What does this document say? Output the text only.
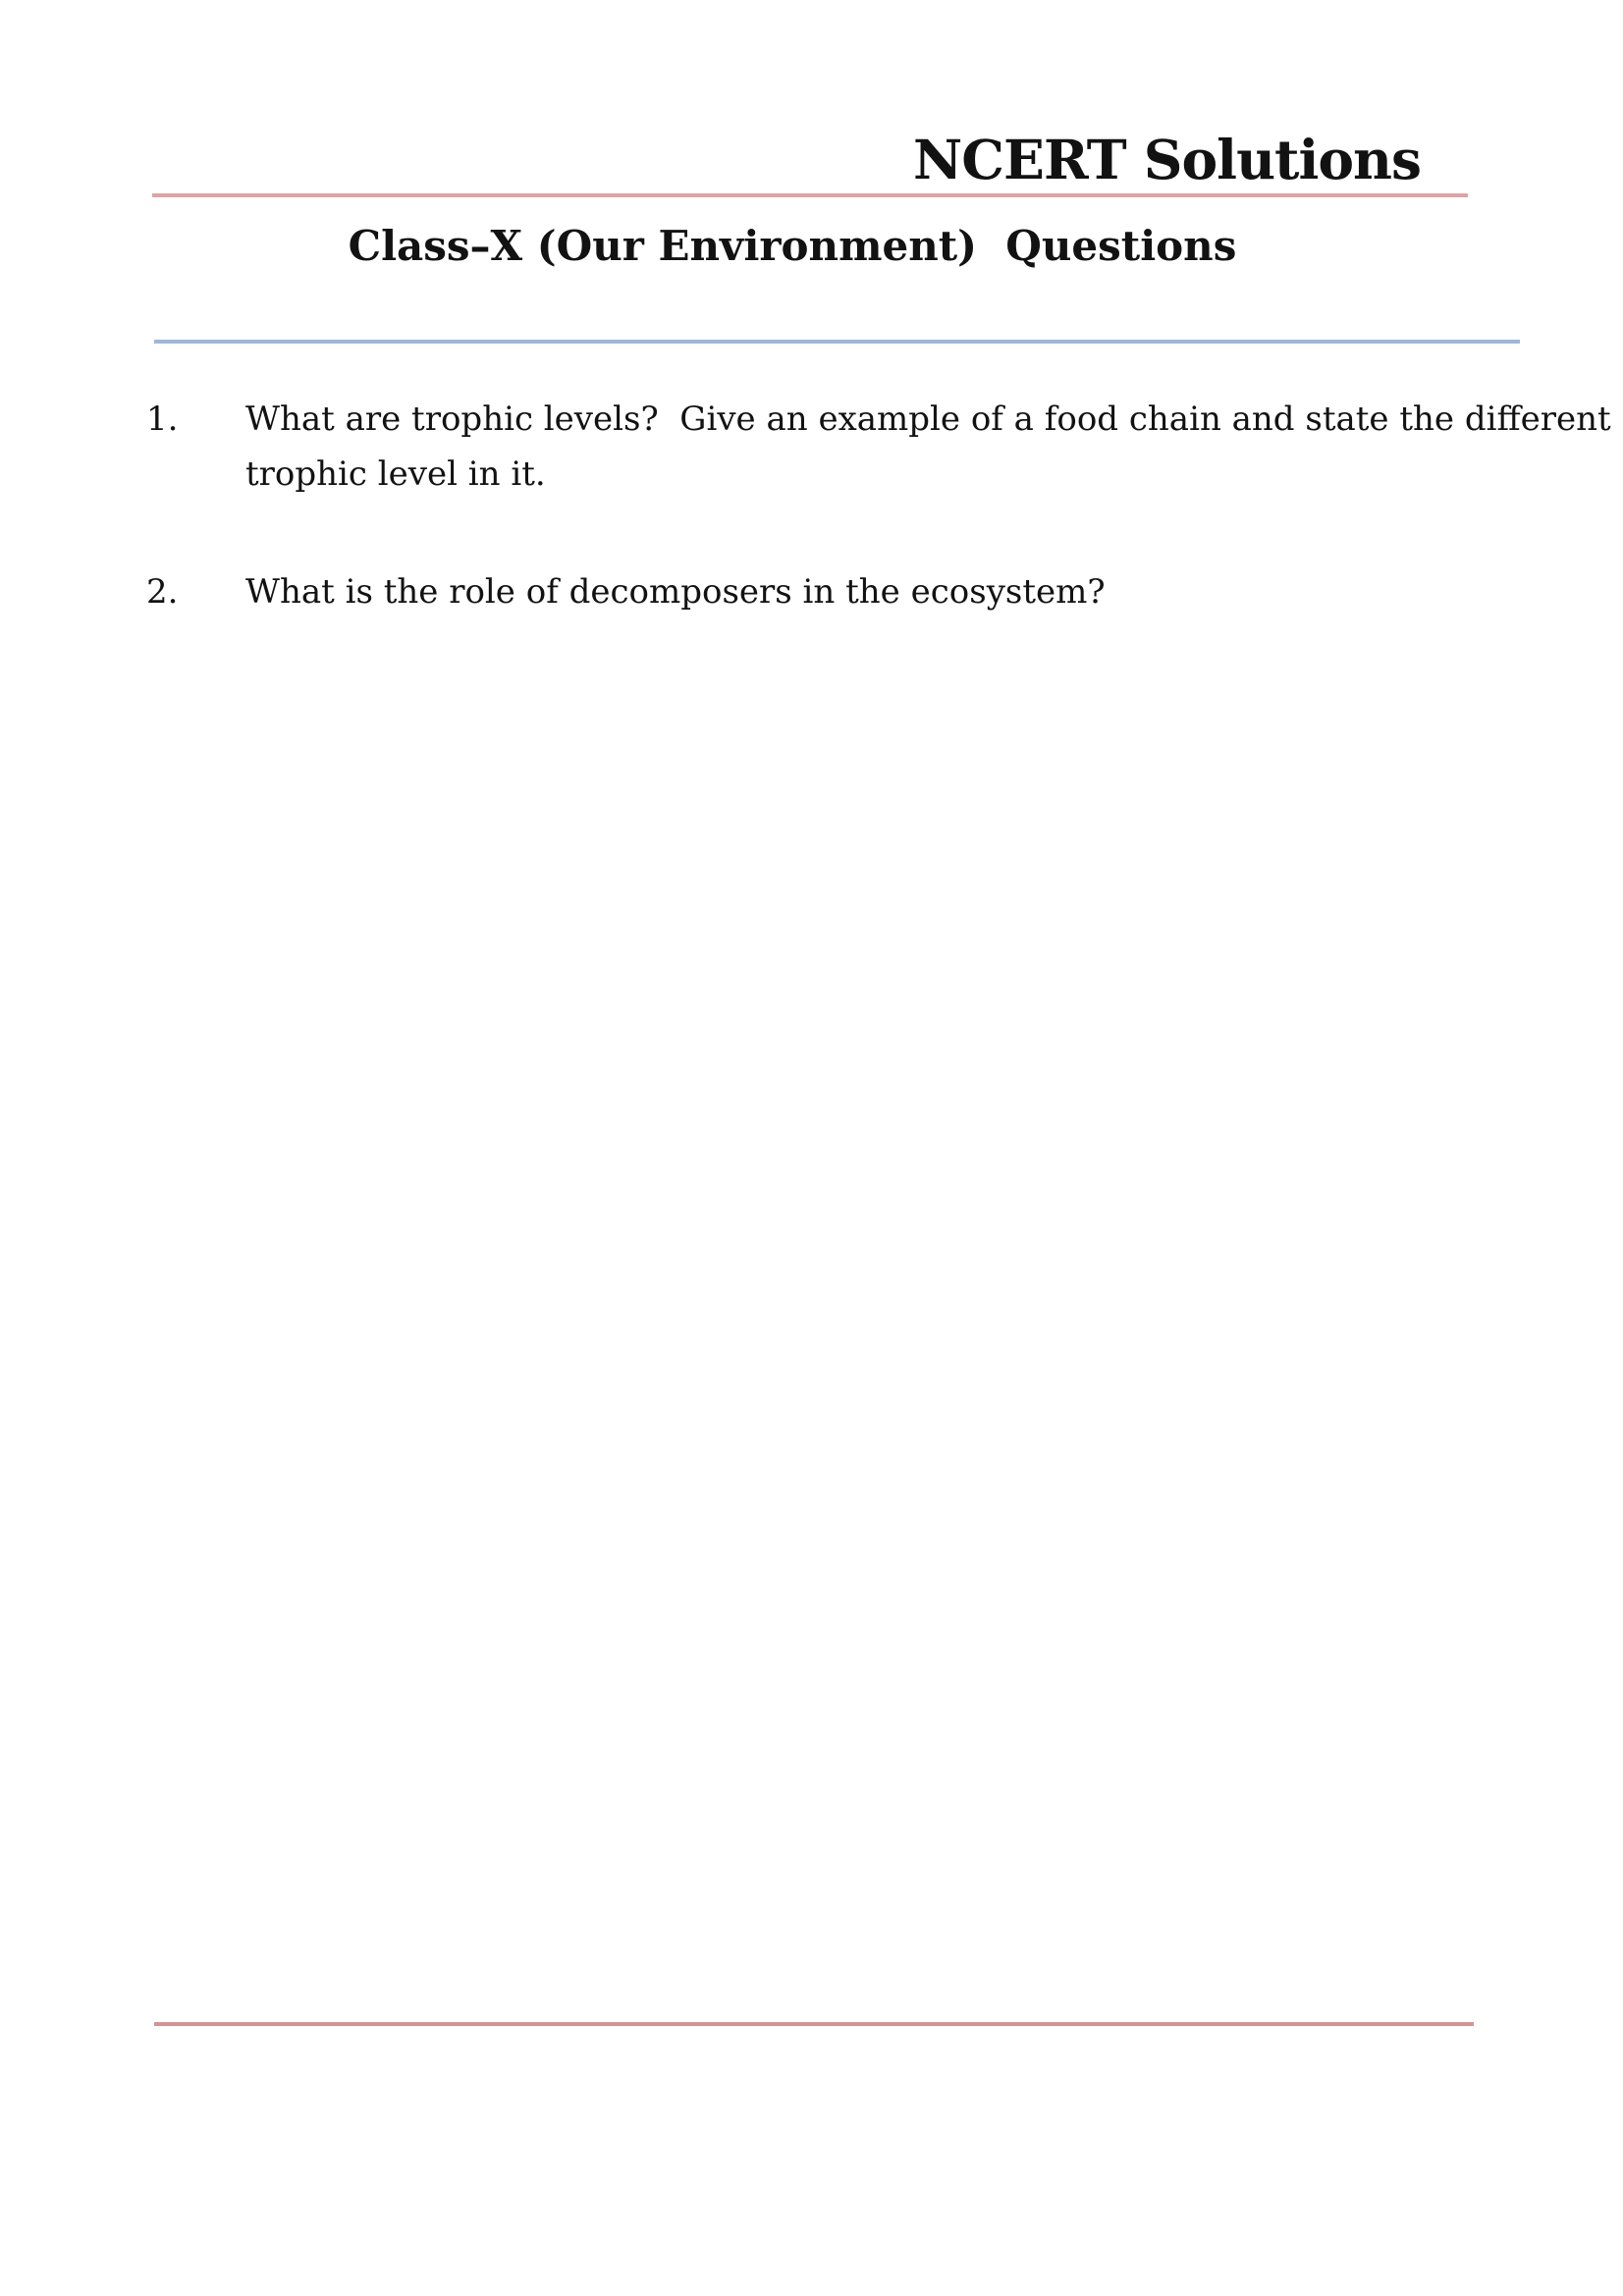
NCERT Solutions
Class–X (Our Environment)  Questions
1. What are trophic levels?  Give an example of a food chain and state the different
trophic level in it.
2. What is the role of decomposers in the ecosystem?
